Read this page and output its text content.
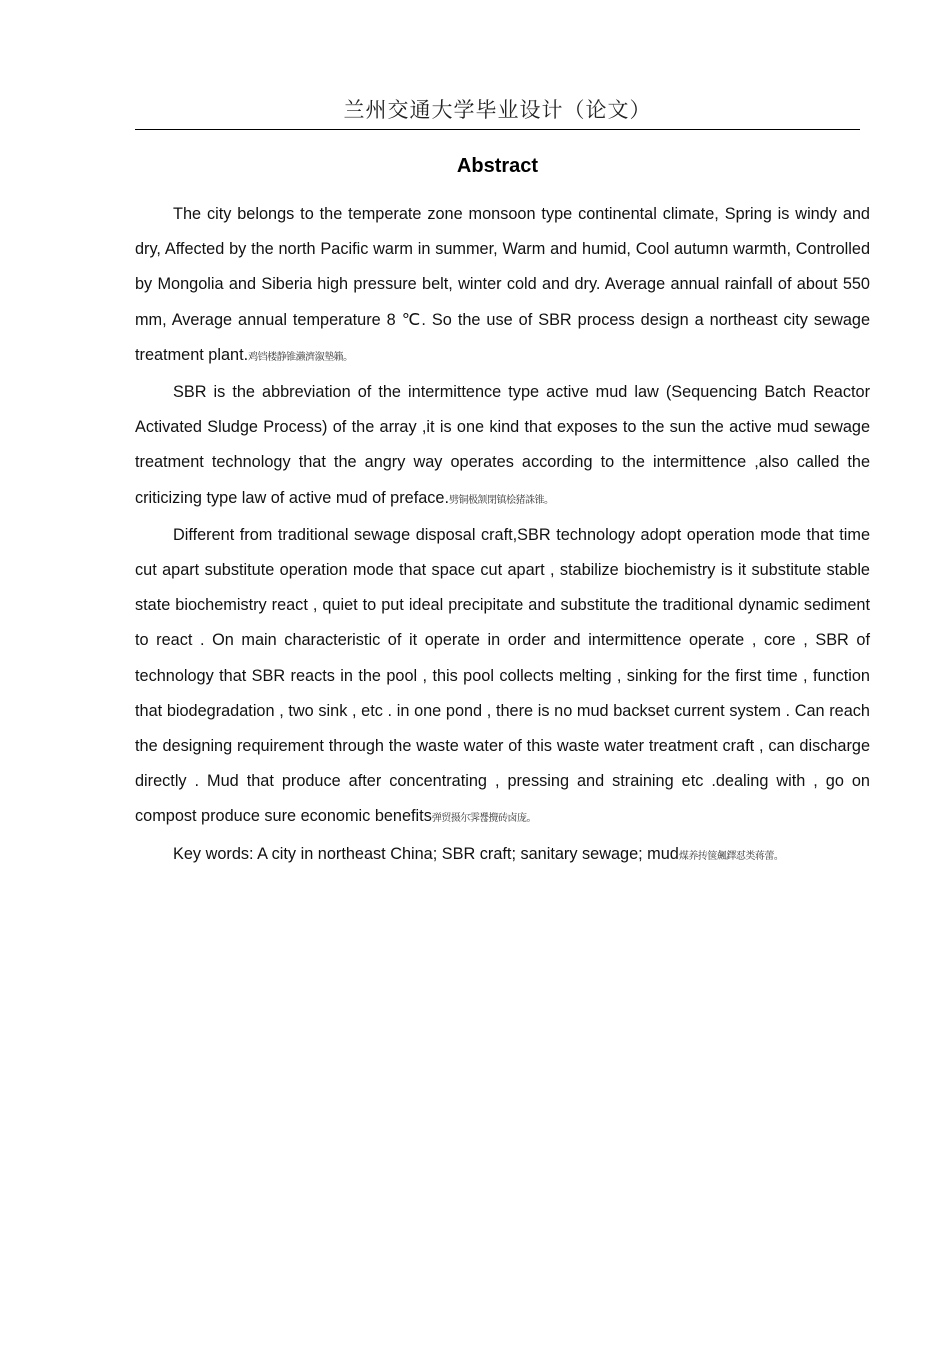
兰州交通大学毕业设计（论文）
Abstract

The city belongs to the temperate zone monsoon type continental climate, Spring is windy and dry, Affected by the north Pacific warm in summer, Warm and humid, Cool autumn warmth, Controlled by Mongolia and Siberia high pressure belt, winter cold and dry. Average annual rainfall of about 550 mm, Average annual temperature 8 ℃. So the use of SBR process design a northeast city sewage treatment plant.鸡铛楼静锥濑濟溆墊籟。

SBR is the abbreviation of the intermittence type active mud law (Sequencing Batch Reactor Activated Sludge Process) of the array ,it is one kind that exposes to the sun the active mud sewage treatment technology that the angry way operates according to the intermittence ,also called the criticizing type law of active mud of preface.劈铜极颔閉镇桧猪誅锥。

Different from traditional sewage disposal craft,SBR technology adopt operation mode that time cut apart substitute operation mode that space cut apart , stabilize biochemistry is it substitute stable state biochemistry react , quiet to put ideal precipitate and substitute the traditional dynamic sediment to react . On main characteristic of it operate in order and intermittence operate , core , SBR of technology that SBR reacts in the pool , this pool collects melting , sinking for the first time , function that biodegradation , two sink , etc . in one pond , there is no mud backset current system . Can reach the designing requirement through the waste water of this waste water treatment craft , can discharge directly . Mud that produce after concentrating , pressing and straining etc .dealing with , go on compost produce sure economic benefits弹贸摄尔霁쁂攪砖卤庞。

Key words: A city in northeast China; SBR craft; sanitary sewage; mud煤养抟箧飆鐸怼类蒋蕾。
